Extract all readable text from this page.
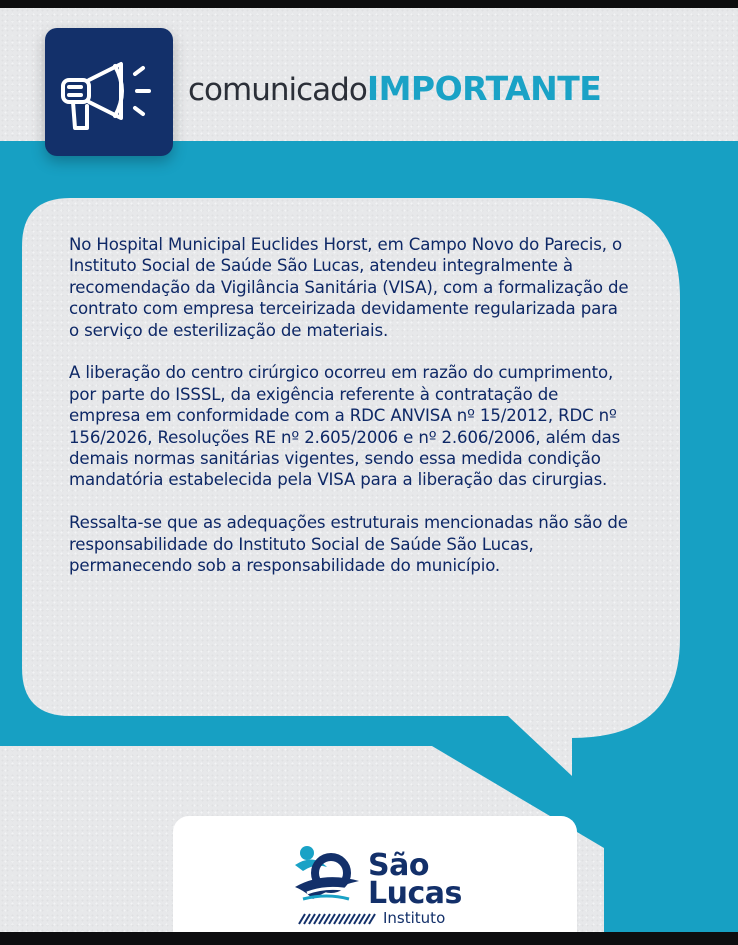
comunicadoIMPORTANTE

No Hospital Municipal Euclides Horst, em Campo Novo do Parecis, o Instituto Social de Saúde São Lucas, atendeu integralmente à recomendação da Vigilância Sanitária (VISA), com a formalização de contrato com empresa terceirizada devidamente regularizada para o serviço de esterilização de materiais.

A liberação do centro cirúrgico ocorreu em razão do cumprimento, por parte do ISSSL, da exigência referente à contratação de empresa em conformidade com a RDC ANVISA nº 15/2012, RDC nº 156/2026, Resoluções RE nº 2.605/2006 e nº 2.606/2006, além das demais normas sanitárias vigentes, sendo essa medida condição mandatória estabelecida pela VISA para a liberação das cirurgias.

Ressalta-se que as adequações estruturais mencionadas não são de responsabilidade do Instituto Social de Saúde São Lucas, permanecendo sob a responsabilidade do município.

São
Lucas
Instituto
